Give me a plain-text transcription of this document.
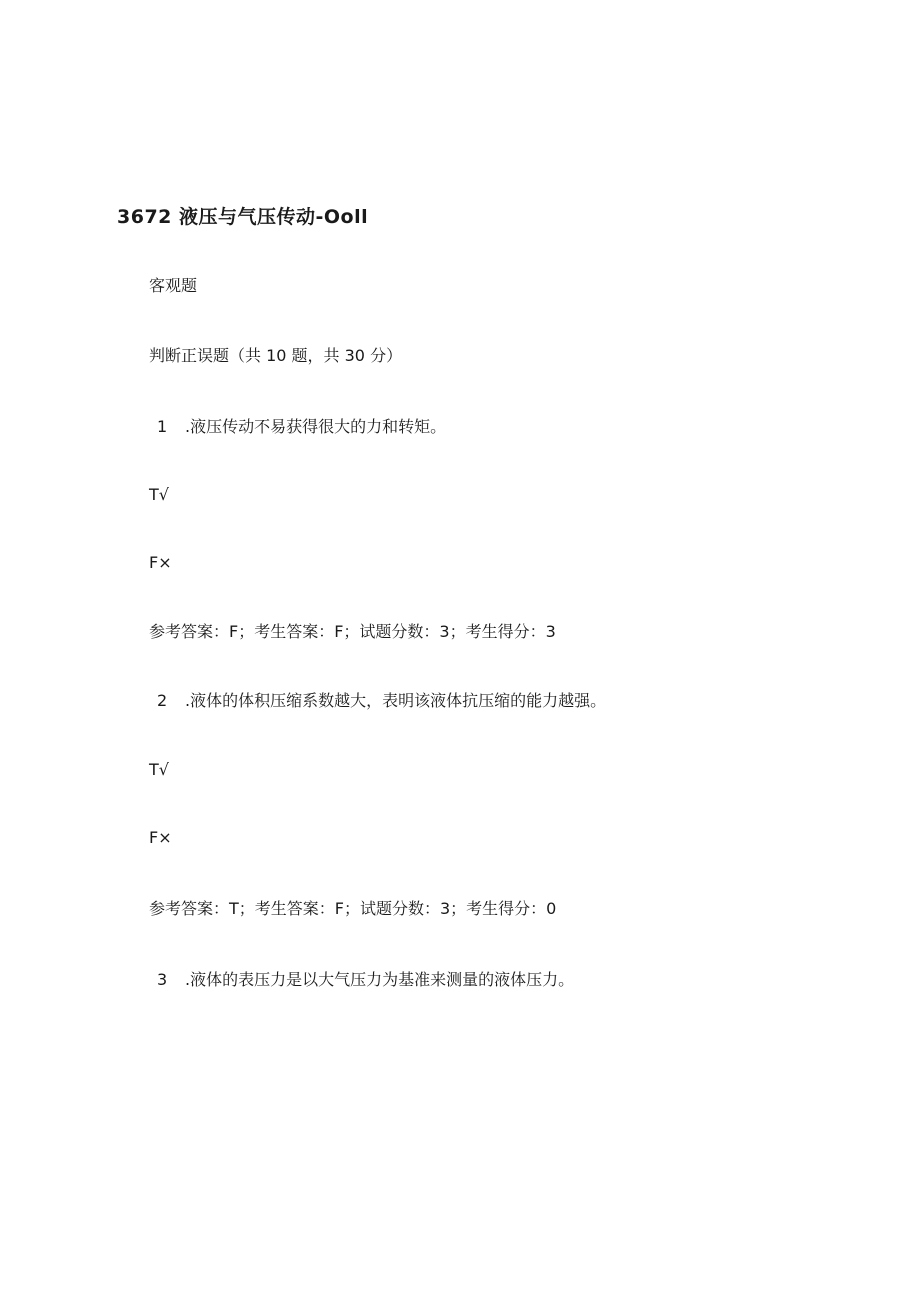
3672 液压与气压传动-Ooll
客观题
判断正误题（共 10 题，共 30 分）
1 .液压传动不易获得很大的力和转矩。
T√
F×
参考答案：F；考生答案：F；试题分数：3；考生得分：3
2 .液体的体积压缩系数越大，表明该液体抗压缩的能力越强。
T√
F×
参考答案：T；考生答案：F；试题分数：3；考生得分：0
3 .液体的表压力是以大气压力为基准来测量的液体压力。
